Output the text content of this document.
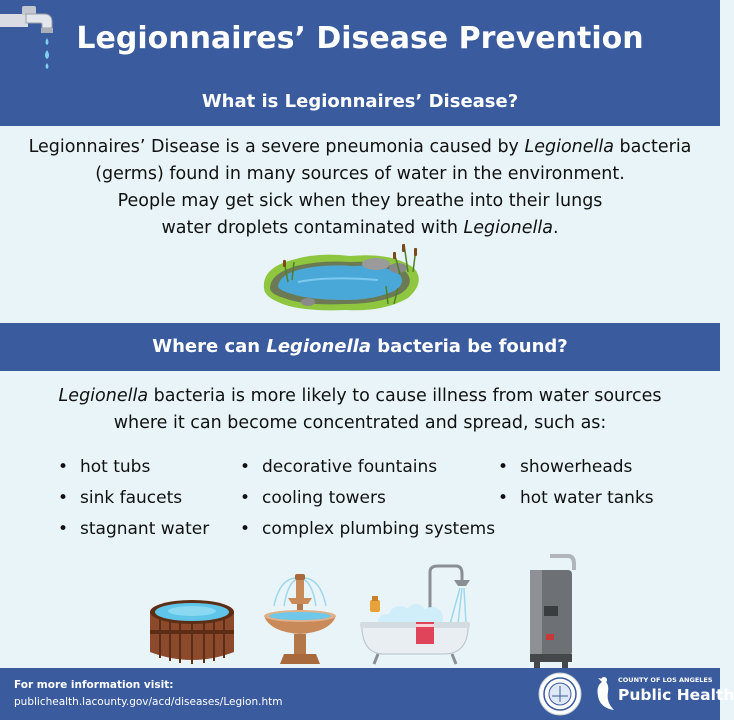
Legionnaires’ Disease Prevention
What is Legionnaires’ Disease?
Legionnaires’ Disease is a severe pneumonia caused by Legionella bacteria
(germs) found in many sources of water in the environment.
People may get sick when they breathe into their lungs
water droplets contaminated with Legionella.
Where can Legionella bacteria be found?
Legionella bacteria is more likely to cause illness from water sources
where it can become concentrated and spread, such as:
• hot tubs
• sink faucets
• stagnant water
• decorative fountains
• cooling towers
• complex plumbing systems
• showerheads
• hot water tanks
For more information visit:
publichealth.lacounty.gov/acd/diseases/Legion.htm
COUNTY OF LOS ANGELES
Public Health
